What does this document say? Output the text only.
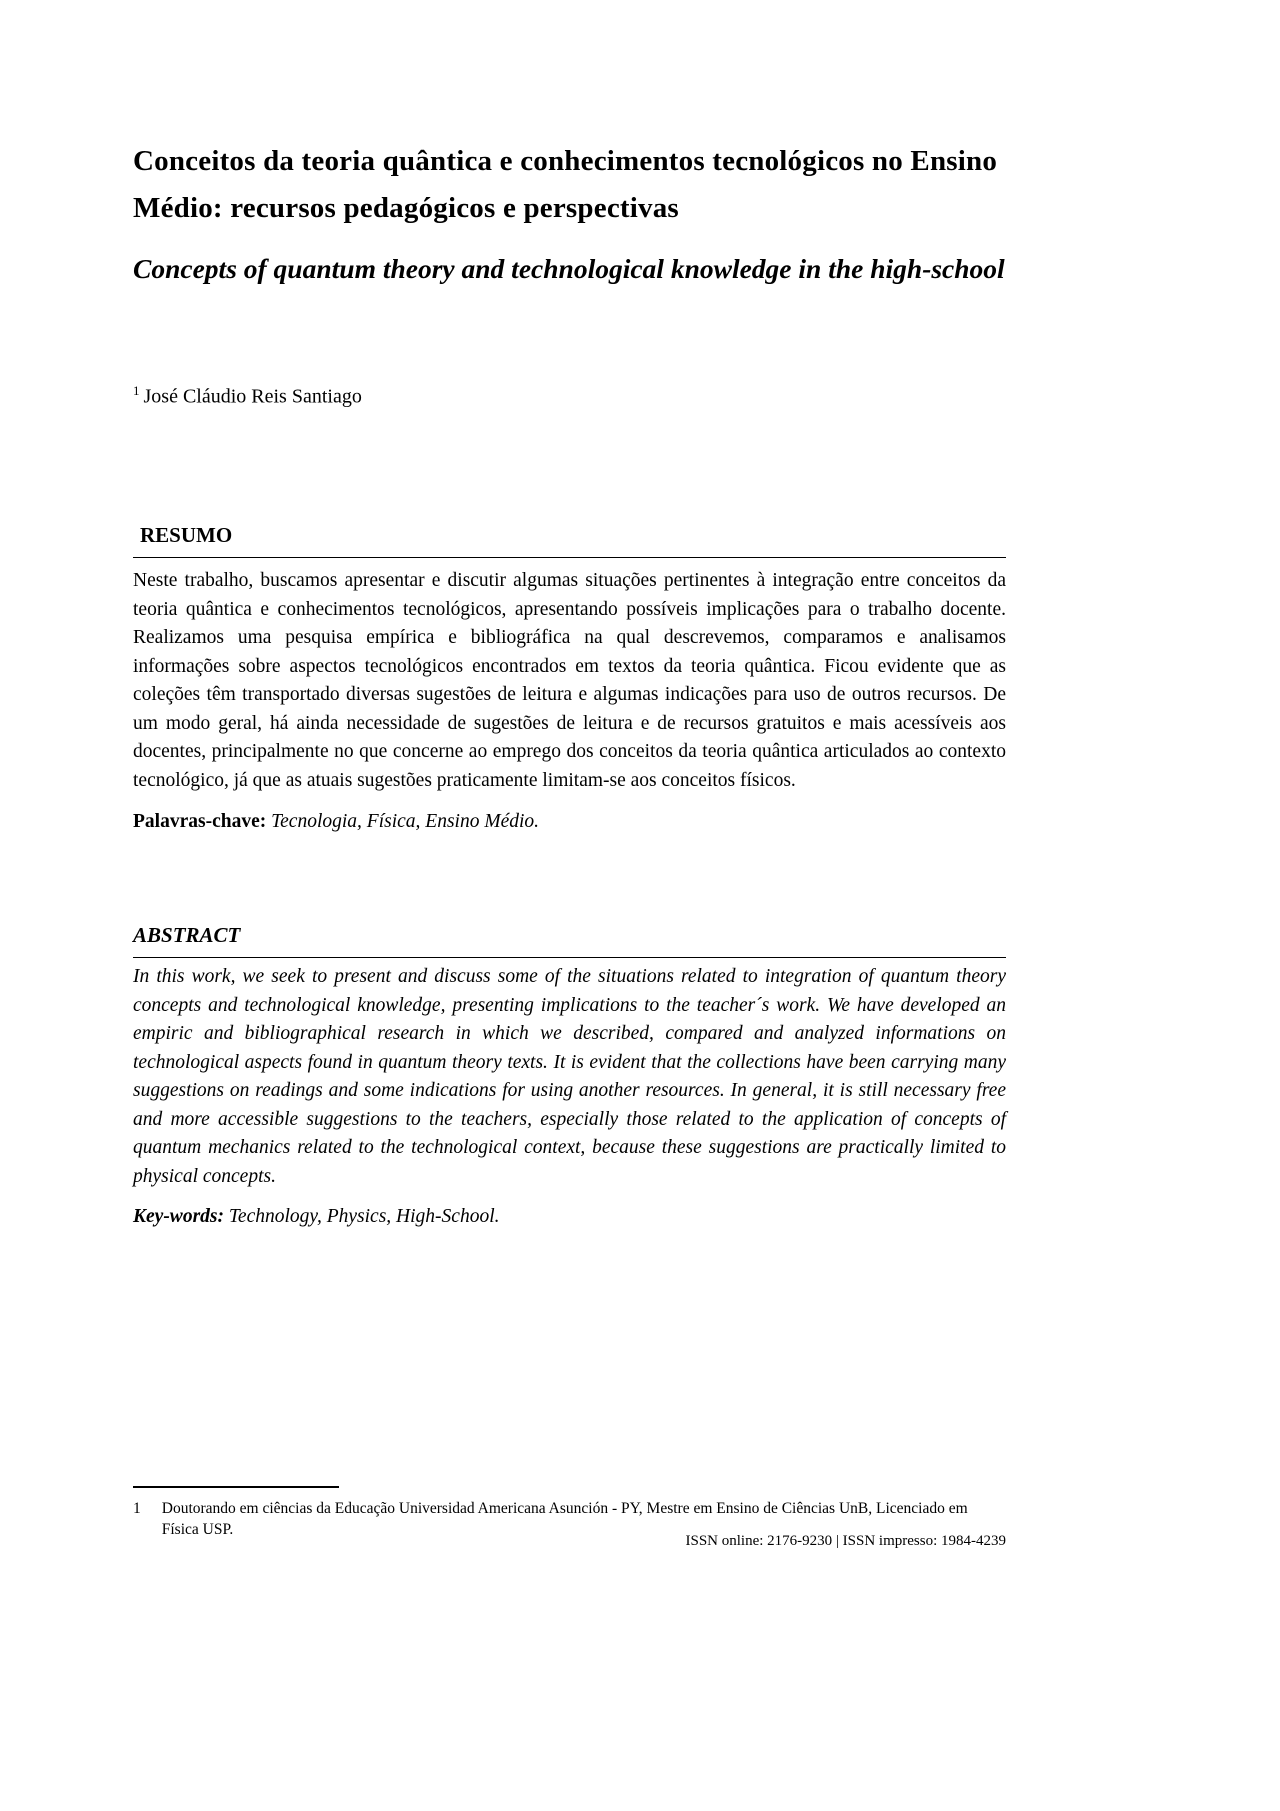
Conceitos da teoria quântica e conhecimentos tecnológicos no Ensino Médio: recursos pedagógicos e perspectivas
Concepts of quantum theory and technological knowledge in the high-school
$^1$ José Cláudio Reis Santiago
RESUMO

Neste trabalho, buscamos apresentar e discutir algumas situações pertinentes à integração entre conceitos da teoria quântica e conhecimentos tecnológicos, apresentando possíveis implicações para o trabalho docente. Realizamos uma pesquisa empírica e bibliográfica na qual descrevemos, comparamos e analisamos informações sobre aspectos tecnológicos encontrados em textos da teoria quântica. Ficou evidente que as coleções têm transportado diversas sugestões de leitura e algumas indicações para uso de outros recursos. De um modo geral, há ainda necessidade de sugestões de leitura e de recursos gratuitos e mais acessíveis aos docentes, principalmente no que concerne ao emprego dos conceitos da teoria quântica articulados ao contexto tecnológico, já que as atuais sugestões praticamente limitam-se aos conceitos físicos.

Palavras-chave: Tecnologia, Física, Ensino Médio.
ABSTRACT

In this work, we seek to present and discuss some of the situations related to integration of quantum theory concepts and technological knowledge, presenting implications to the teacher´s work. We have developed an empiric and bibliographical research in which we described, compared and analyzed informations on technological aspects found in quantum theory texts. It is evident that the collections have been carrying many suggestions on readings and some indications for using another resources. In general, it is still necessary free and more accessible suggestions to the teachers, especially those related to the application of concepts of quantum mechanics related to the technological context, because these suggestions are practically limited to physical concepts.

Key-words: Technology, Physics, High-School.
1 Doutorando em ciências da Educação Universidad Americana Asunción - PY, Mestre em Ensino de Ciências UnB, Licenciado em Física USP.
ISSN online: 2176-9230 | ISSN impresso: 1984-4239
